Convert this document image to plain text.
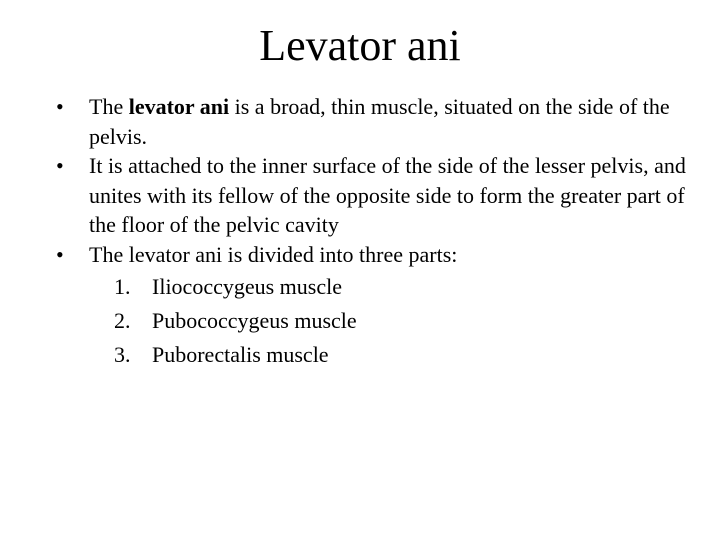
Levator ani
• The levator ani is a broad, thin muscle, situated on the side of the pelvis.
• It is attached to the inner surface of the side of the lesser pelvis, and unites with its fellow of the opposite side to form the greater part of the floor of the pelvic cavity
• The levator ani is divided into three parts:
1. Iliococcygeus muscle
2. Pubococcygeus muscle
3. Puborectalis muscle
